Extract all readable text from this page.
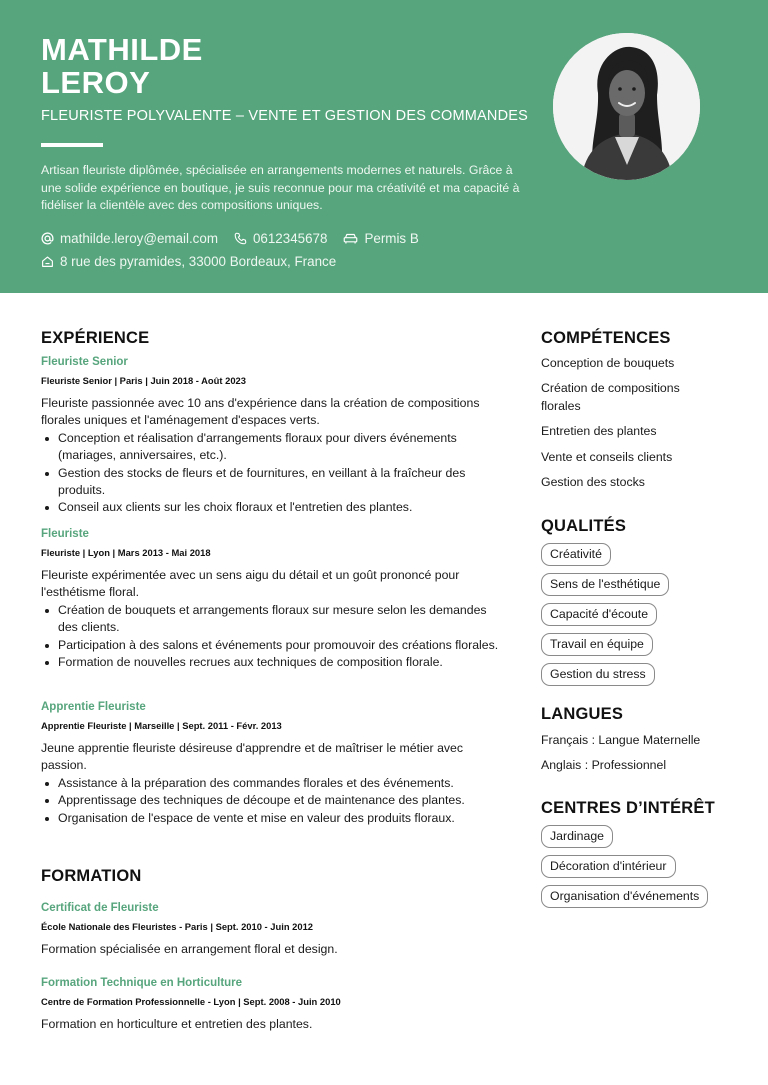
MATHILDE
LEROY
FLEURISTE POLYVALENTE – VENTE ET GESTION DES COMMANDES
Artisan fleuriste diplômée, spécialisée en arrangements modernes et naturels. Grâce à une solide expérience en boutique, je suis reconnue pour ma créativité et ma capacité à fidéliser la clientèle avec des compositions uniques.
mathilde.leroy@email.com	0612345678	Permis B
8 rue des pyramides, 33000 Bordeaux, France
EXPÉRIENCE
Fleuriste Senior
Fleuriste Senior | Paris | Juin 2018 - Août 2023
Fleuriste passionnée avec 10 ans d'expérience dans la création de compositions florales uniques et l'aménagement d'espaces verts.
Conception et réalisation d'arrangements floraux pour divers événements (mariages, anniversaires, etc.).
Gestion des stocks de fleurs et de fournitures, en veillant à la fraîcheur des produits.
Conseil aux clients sur les choix floraux et l'entretien des plantes.
Fleuriste
Fleuriste | Lyon | Mars 2013 - Mai 2018
Fleuriste expérimentée avec un sens aigu du détail et un goût prononcé pour l'esthétisme floral.
Création de bouquets et arrangements floraux sur mesure selon les demandes des clients.
Participation à des salons et événements pour promouvoir des créations florales.
Formation de nouvelles recrues aux techniques de composition florale.
Apprentie Fleuriste
Apprentie Fleuriste | Marseille | Sept. 2011 - Févr. 2013
Jeune apprentie fleuriste désireuse d'apprendre et de maîtriser le métier avec passion.
Assistance à la préparation des commandes florales et des événements.
Apprentissage des techniques de découpe et de maintenance des plantes.
Organisation de l'espace de vente et mise en valeur des produits floraux.
FORMATION
Certificat de Fleuriste
École Nationale des Fleuristes - Paris | Sept. 2010 - Juin 2012
Formation spécialisée en arrangement floral et design.
Formation Technique en Horticulture
Centre de Formation Professionnelle - Lyon | Sept. 2008 - Juin 2010
Formation en horticulture et entretien des plantes.
COMPÉTENCES
Conception de bouquets
Création de compositions florales
Entretien des plantes
Vente et conseils clients
Gestion des stocks
QUALITÉS
Créativité
Sens de l'esthétique
Capacité d'écoute
Travail en équipe
Gestion du stress
LANGUES
Français : Langue Maternelle
Anglais : Professionnel
CENTRES D’INTÉRÊT
Jardinage
Décoration d'intérieur
Organisation d'événements
